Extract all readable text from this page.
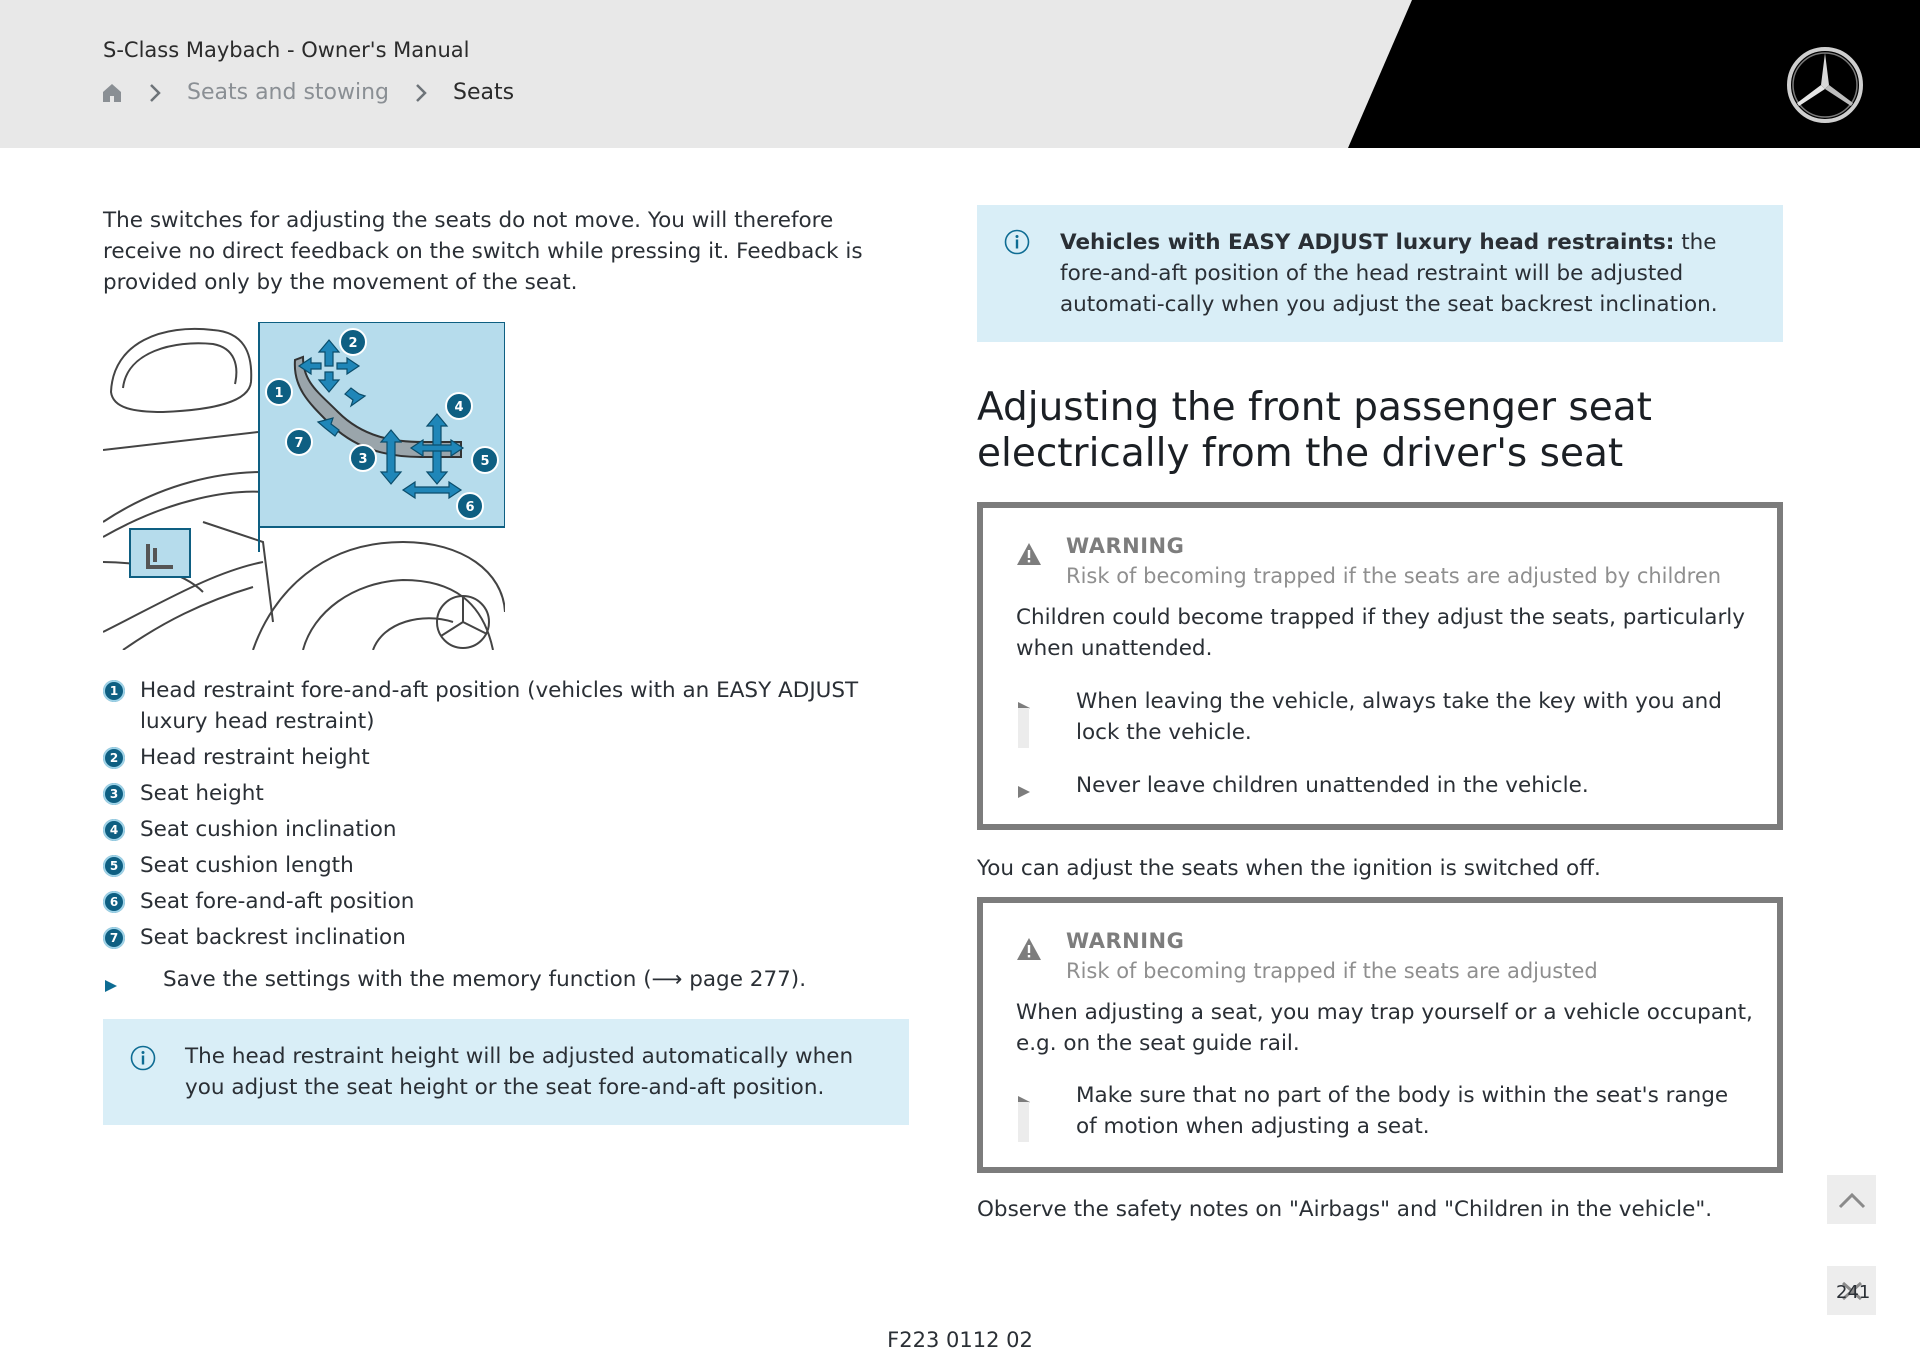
S-Class Maybach - Owner's Manual
Seats and stowing	Seats

The switches for adjusting the seats do not move. You will therefore receive no direct feedback on the switch while pressing it. Feedback is provided only by the movement of the seat.

1
2
3
4
5
6
7
1	Head restraint fore-and-aft position (vehicles with an EASY ADJUST luxury head restraint)
2	Head restraint height
3	Seat height
4	Seat cushion inclination
5	Seat cushion length
6	Seat fore-and-aft position
7	Seat backrest inclination
Save the settings with the memory function (⟶ page 277).
The head restraint height will be adjusted automatically when you adjust the seat height or the seat fore-and-aft position.
Vehicles with EASY ADJUST luxury head restraints: the fore-and-aft position of the head restraint will be adjusted automati-cally when you adjust the seat backrest inclination.
Adjusting the front passenger seat electrically from the driver's seat
WARNING
Risk of becoming trapped if the seats are adjusted by children
Children could become trapped if they adjust the seats, particularly when unattended.
When leaving the vehicle, always take the key with you and lock the vehicle.
Never leave children unattended in the vehicle.
You can adjust the seats when the ignition is switched off.
WARNING
Risk of becoming trapped if the seats are adjusted
When adjusting a seat, you may trap yourself or a vehicle occupant, e.g. on the seat guide rail.
Make sure that no part of the body is within the seat's range of motion when adjusting a seat.
Observe the safety notes on "Airbags" and "Children in the vehicle".
241
F223 0112 02
